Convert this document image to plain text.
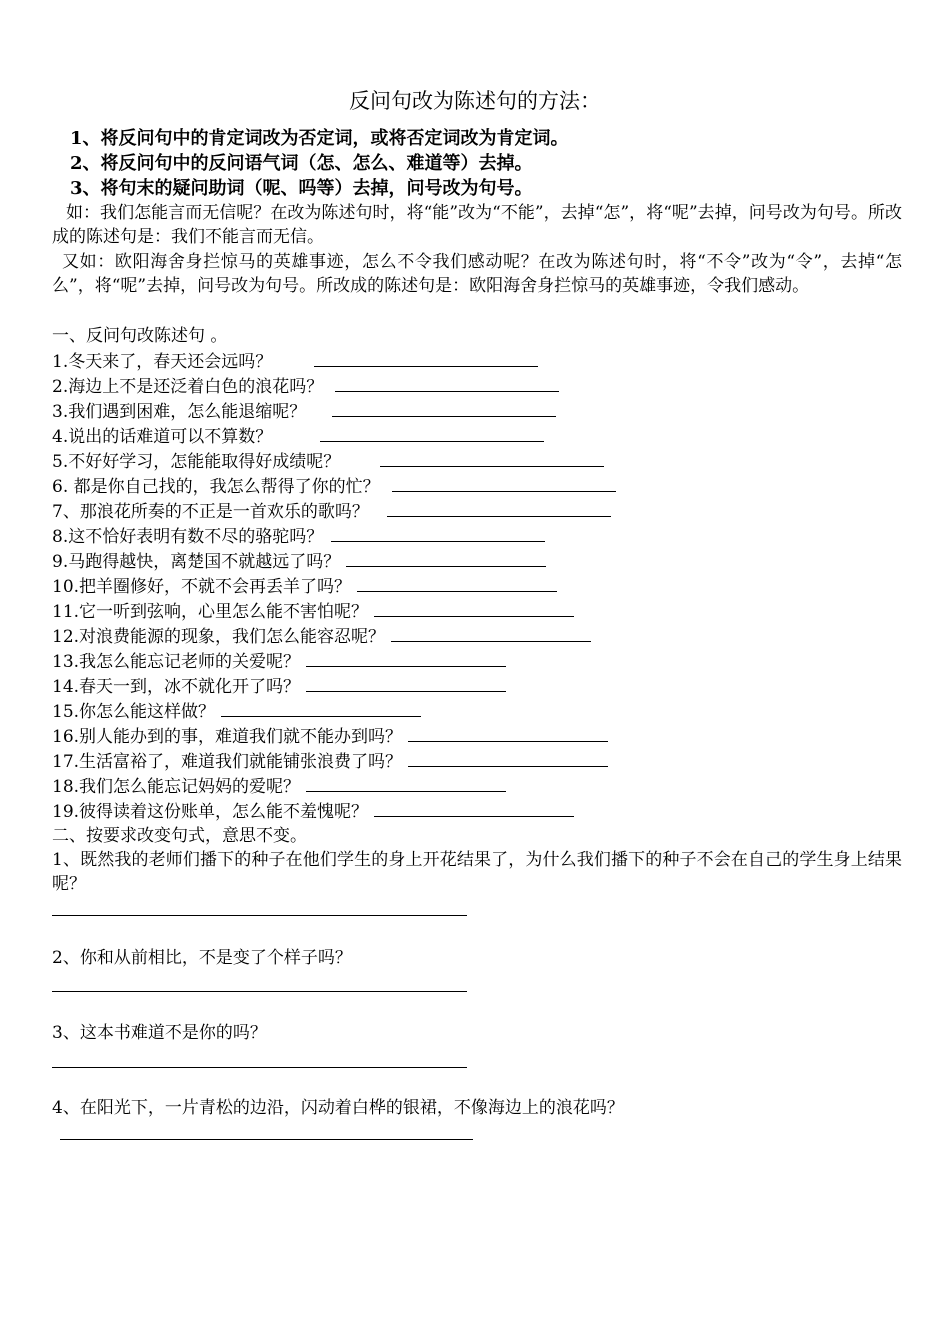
反问句改为陈述句的方法：
1、将反问句中的肯定词改为否定词，或将否定词改为肯定词。
2、将反问句中的反问语气词（怎、怎么、难道等）去掉。
3、将句末的疑问助词（呢、吗等）去掉，问号改为句号。

如：我们怎能言而无信呢？在改为陈述句时，将“能”改为“不能”，去掉“怎”，将“呢”去掉，问号改为句号。所改成的陈述句是：我们不能言而无信。

又如：欧阳海舍身拦惊马的英雄事迹，怎么不令我们感动呢？在改为陈述句时，将“不令”改为“令”，去掉“怎么”，将“呢”去掉，问号改为句号。所改成的陈述句是：欧阳海舍身拦惊马的英雄事迹，令我们感动。

一、反问句改陈述句 。
1.冬天来了，春天还会远吗？
2.海边上不是还泛着白色的浪花吗？
3.我们遇到困难，怎么能退缩呢？
4.说出的话难道可以不算数？
5.不好好学习，怎能能取得好成绩呢？
6. 都是你自己找的，我怎么帮得了你的忙？
7、那浪花所奏的不正是一首欢乐的歌吗？
8.这不恰好表明有数不尽的骆驼吗？
9.马跑得越快，离楚国不就越远了吗？
10.把羊圈修好，不就不会再丢羊了吗？
11.它一听到弦响，心里怎么能不害怕呢？
12.对浪费能源的现象，我们怎么能容忍呢？
13.我怎么能忘记老师的关爱呢？
14.春天一到，冰不就化开了吗？
15.你怎么能这样做？
16.别人能办到的事，难道我们就不能办到吗？
17.生活富裕了，难道我们就能铺张浪费了吗？
18.我们怎么能忘记妈妈的爱呢？
19.彼得读着这份账单，怎么能不羞愧呢？
二、按要求改变句式，意思不变。

1、既然我的老师们播下的种子在他们学生的身上开花结果了，为什么我们播下的种子不会在自己的学生身上结果呢？

2、你和从前相比，不是变了个样子吗？
3、这本书难道不是你的吗？
4、在阳光下，一片青松的边沿，闪动着白桦的银裙，不像海边上的浪花吗？
